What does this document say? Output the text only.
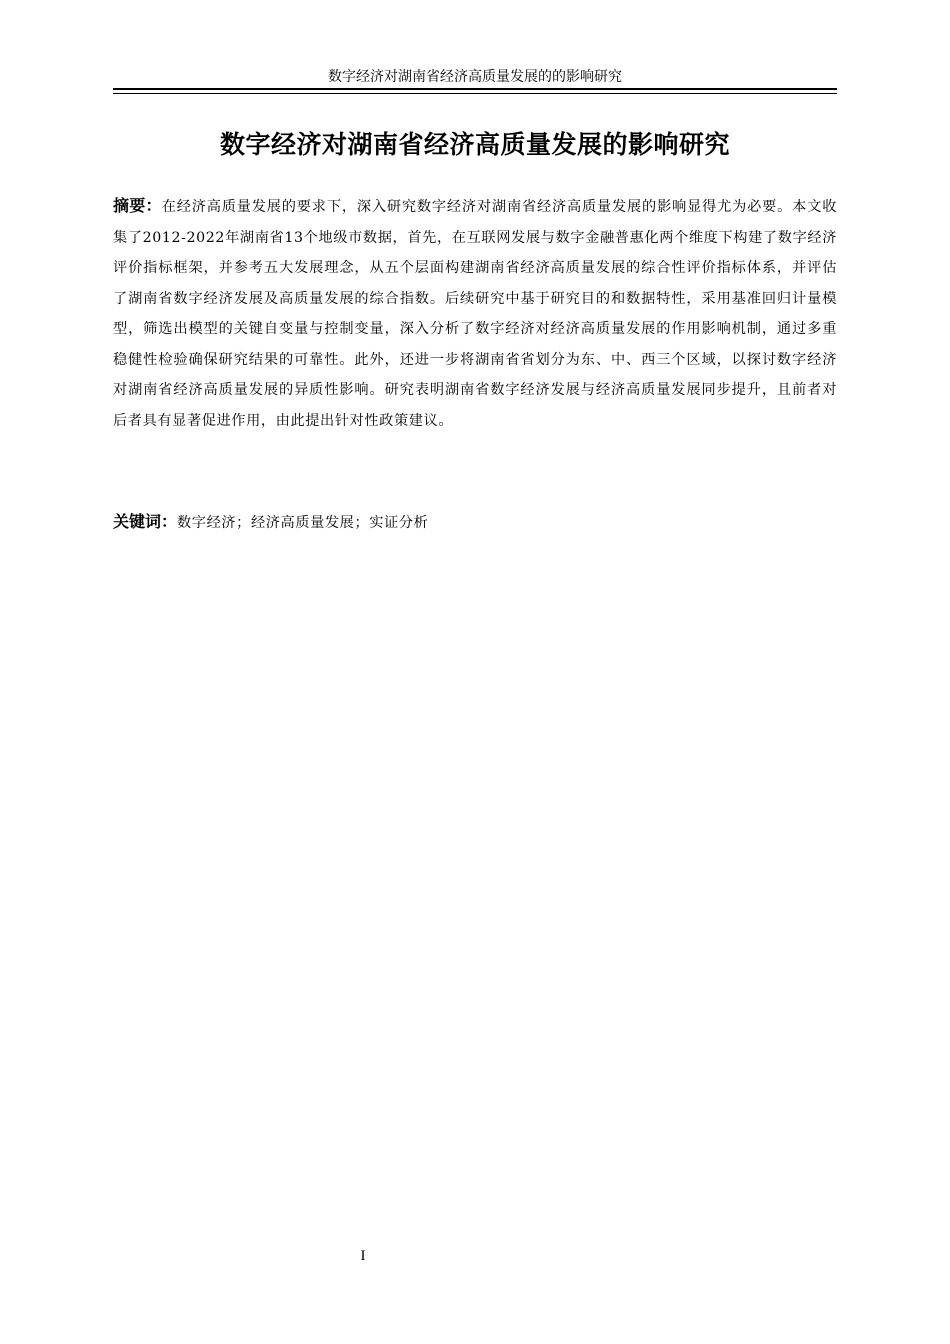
数字经济对湖南省经济高质量发展的的影响研究
数字经济对湖南省经济高质量发展的影响研究

摘要：在经济高质量发展的要求下，深入研究数字经济对湖南省经济高质量发展的影响显得尤为必要。本文收集了2012-2022年湖南省13个地级市数据，首先，在互联网发展与数字金融普惠化两个维度下构建了数字经济评价指标框架，并参考五大发展理念，从五个层面构建湖南省经济高质量发展的综合性评价指标体系，并评估了湖南省数字经济发展及高质量发展的综合指数。后续研究中基于研究目的和数据特性，采用基准回归计量模型，筛选出模型的关键自变量与控制变量，深入分析了数字经济对经济高质量发展的作用影响机制，通过多重稳健性检验确保研究结果的可靠性。此外，还进一步将湖南省省划分为东、中、西三个区域，以探讨数字经济对湖南省经济高质量发展的异质性影响。研究表明湖南省数字经济发展与经济高质量发展同步提升，且前者对后者具有显著促进作用，由此提出针对性政策建议。

关键词：数字经济；经济高质量发展；实证分析

I
